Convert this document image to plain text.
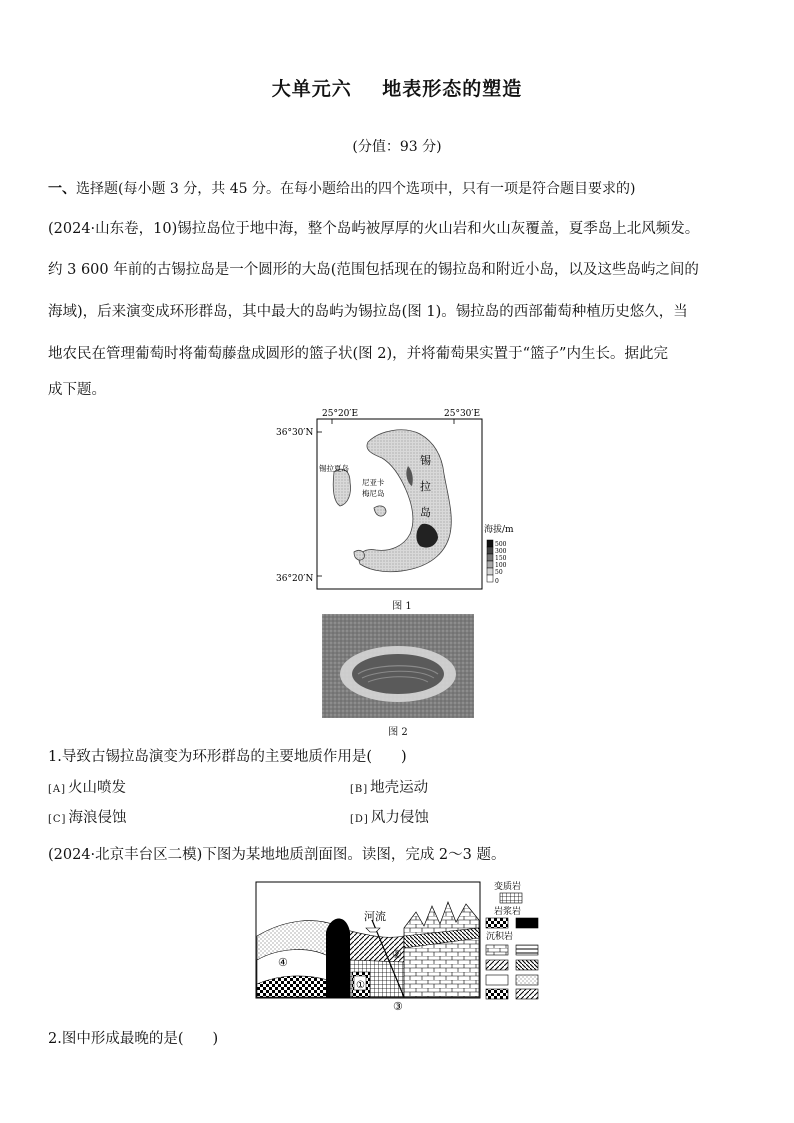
大单元六 地表形态的塑造
(分值：93 分)
一、选择题(每小题 3 分，共 45 分。在每小题给出的四个选项中，只有一项是符合题目要求的)
(2024·山东卷，10)锡拉岛位于地中海，整个岛屿被厚厚的火山岩和火山灰覆盖，夏季岛上北风频发。
约 3 600 年前的古锡拉岛是一个圆形的大岛(范围包括现在的锡拉岛和附近小岛，以及这些岛屿之间的
海域)，后来演变成环形群岛，其中最大的岛屿为锡拉岛(图 1)。锡拉岛的西部葡萄种植历史悠久，当
地农民在管理葡萄时将葡萄藤盘成圆形的篮子状(图 2)，并将葡萄果实置于“篮子”内生长。据此完
成下题。
25°20′E	25°30′E
36°30′N
36°20′N
锡拉夏岛
尼亚卡
梅尼岛
锡
拉
岛
海拔/m
500
300
150
100
50
0
图 1
图 2
1.导致古锡拉岛演变为环形群岛的主要地质作用是(　　)
[A] 火山喷发	[B] 地壳运动
[C] 海浪侵蚀	[D] 风力侵蚀
(2024·北京丰台区二模)下图为某地地质剖面图。读图，完成 2～3 题。
④
①
②
河流
③
变质岩
岩浆岩
沉积岩
2.图中形成最晚的是(　　)
